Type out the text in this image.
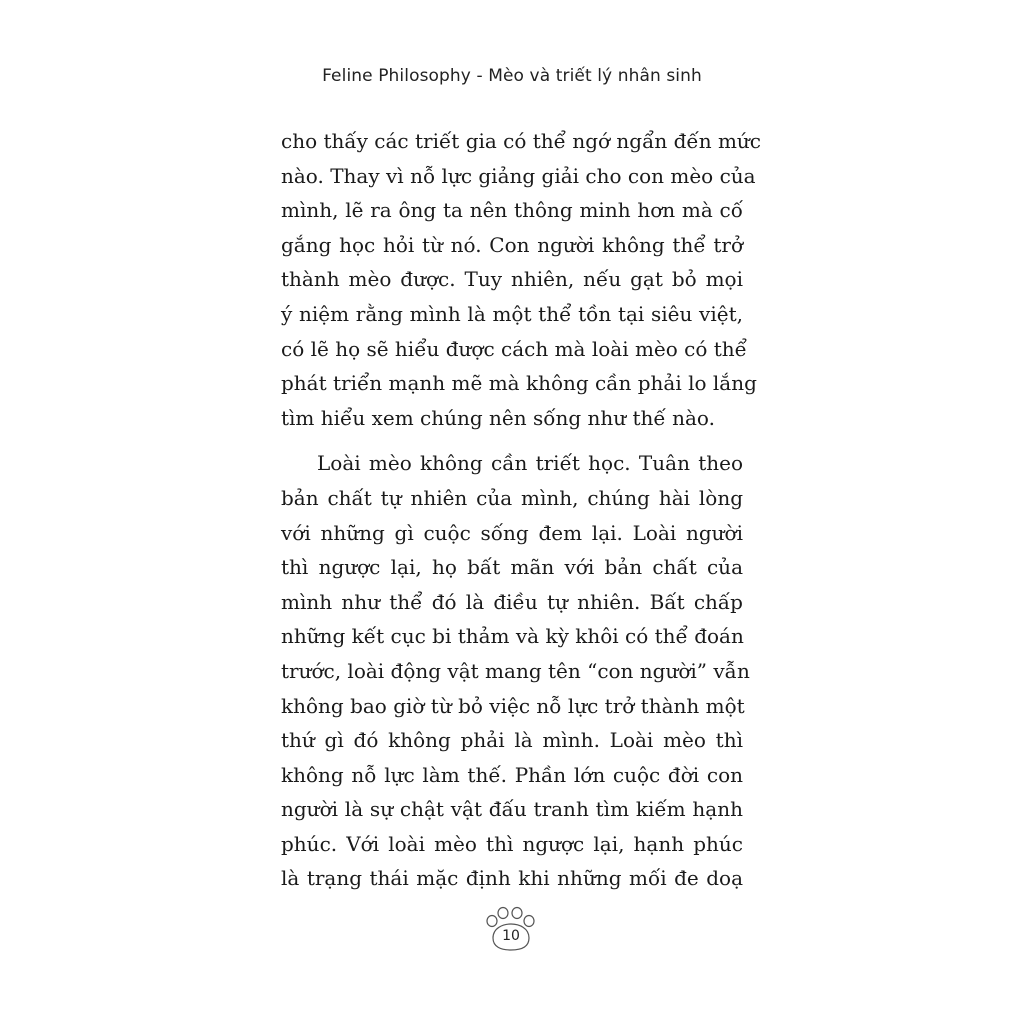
Feline Philosophy - Mèo và triết lý nhân sinh

cho thấy các triết gia có thể ngớ ngẩn đến mức
nào. Thay vì nỗ lực giảng giải cho con mèo của
mình, lẽ ra ông ta nên thông minh hơn mà cố
gắng học hỏi từ nó. Con người không thể trở
thành mèo được. Tuy nhiên, nếu gạt bỏ mọi
ý niệm rằng mình là một thể tồn tại siêu việt,
có lẽ họ sẽ hiểu được cách mà loài mèo có thể
phát triển mạnh mẽ mà không cần phải lo lắng
tìm hiểu xem chúng nên sống như thế nào.

Loài mèo không cần triết học. Tuân theo
bản chất tự nhiên của mình, chúng hài lòng
với những gì cuộc sống đem lại. Loài người
thì ngược lại, họ bất mãn với bản chất của
mình như thể đó là điều tự nhiên. Bất chấp
những kết cục bi thảm và kỳ khôi có thể đoán
trước, loài động vật mang tên “con người” vẫn
không bao giờ từ bỏ việc nỗ lực trở thành một
thứ gì đó không phải là mình. Loài mèo thì
không nỗ lực làm thế. Phần lớn cuộc đời con
người là sự chật vật đấu tranh tìm kiếm hạnh
phúc. Với loài mèo thì ngược lại, hạnh phúc
là trạng thái mặc định khi những mối đe doạ

10
